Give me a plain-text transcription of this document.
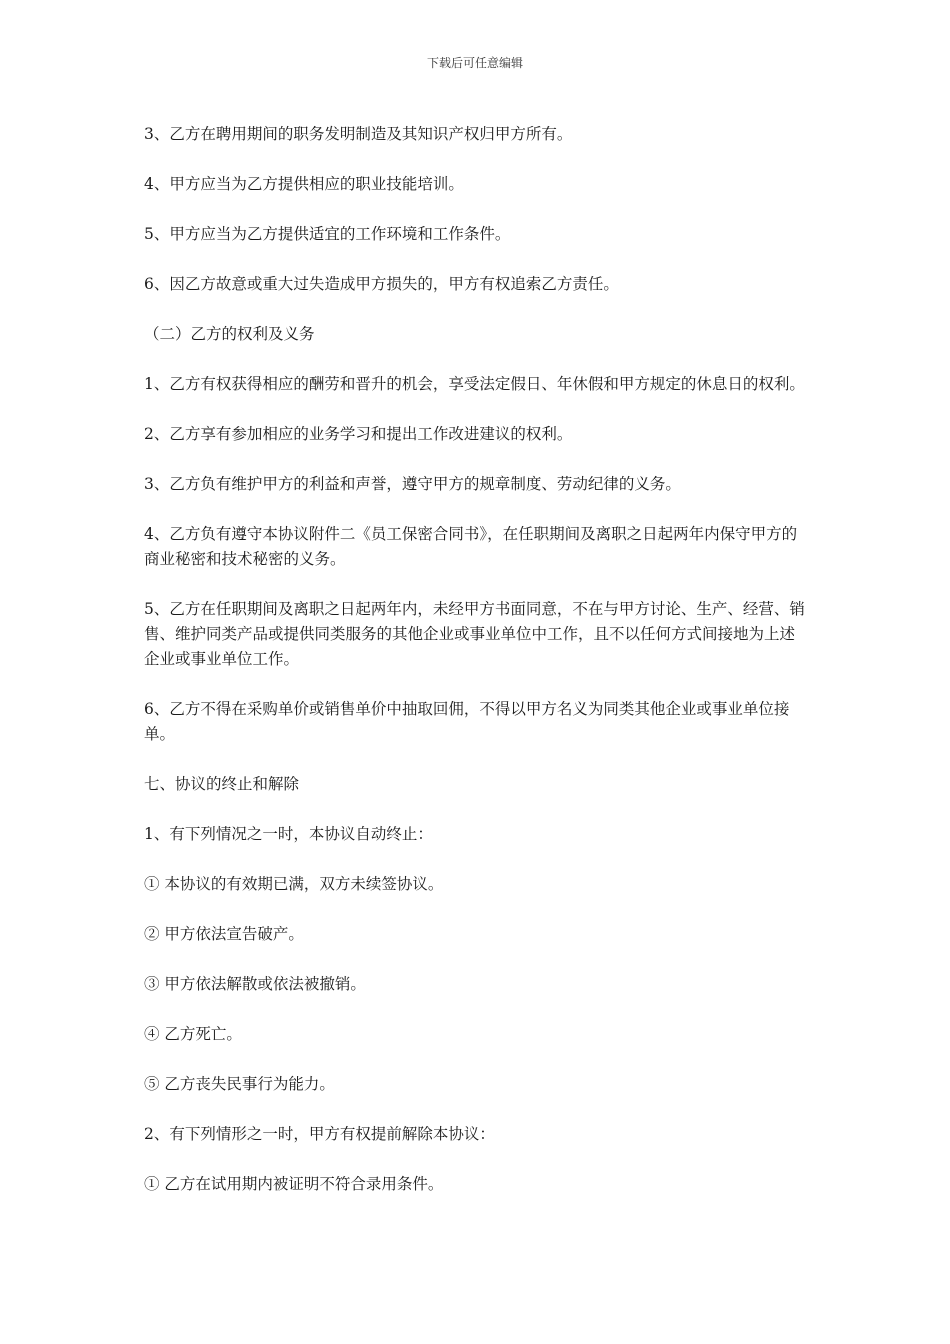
下载后可任意编辑

3、乙方在聘用期间的职务发明制造及其知识产权归甲方所有。

4、甲方应当为乙方提供相应的职业技能培训。

5、甲方应当为乙方提供适宜的工作环境和工作条件。

6、因乙方故意或重大过失造成甲方损失的，甲方有权追索乙方责任。

（二）乙方的权利及义务

1、乙方有权获得相应的酬劳和晋升的机会，享受法定假日、年休假和甲方规定的休息日的权利。

2、乙方享有参加相应的业务学习和提出工作改进建议的权利。

3、乙方负有维护甲方的利益和声誉，遵守甲方的规章制度、劳动纪律的义务。

4、乙方负有遵守本协议附件二《员工保密合同书》，在任职期间及离职之日起两年内保守甲方的商业秘密和技术秘密的义务。

5、乙方在任职期间及离职之日起两年内，未经甲方书面同意，不在与甲方讨论、生产、经营、销售、维护同类产品或提供同类服务的其他企业或事业单位中工作，且不以任何方式间接地为上述企业或事业单位工作。

6、乙方不得在采购单价或销售单价中抽取回佣，不得以甲方名义为同类其他企业或事业单位接单。

七、协议的终止和解除

1、有下列情况之一时，本协议自动终止：

① 本协议的有效期已满，双方未续签协议。

② 甲方依法宣告破产。

③ 甲方依法解散或依法被撤销。

④ 乙方死亡。

⑤ 乙方丧失民事行为能力。

2、有下列情形之一时，甲方有权提前解除本协议：

① 乙方在试用期内被证明不符合录用条件。
